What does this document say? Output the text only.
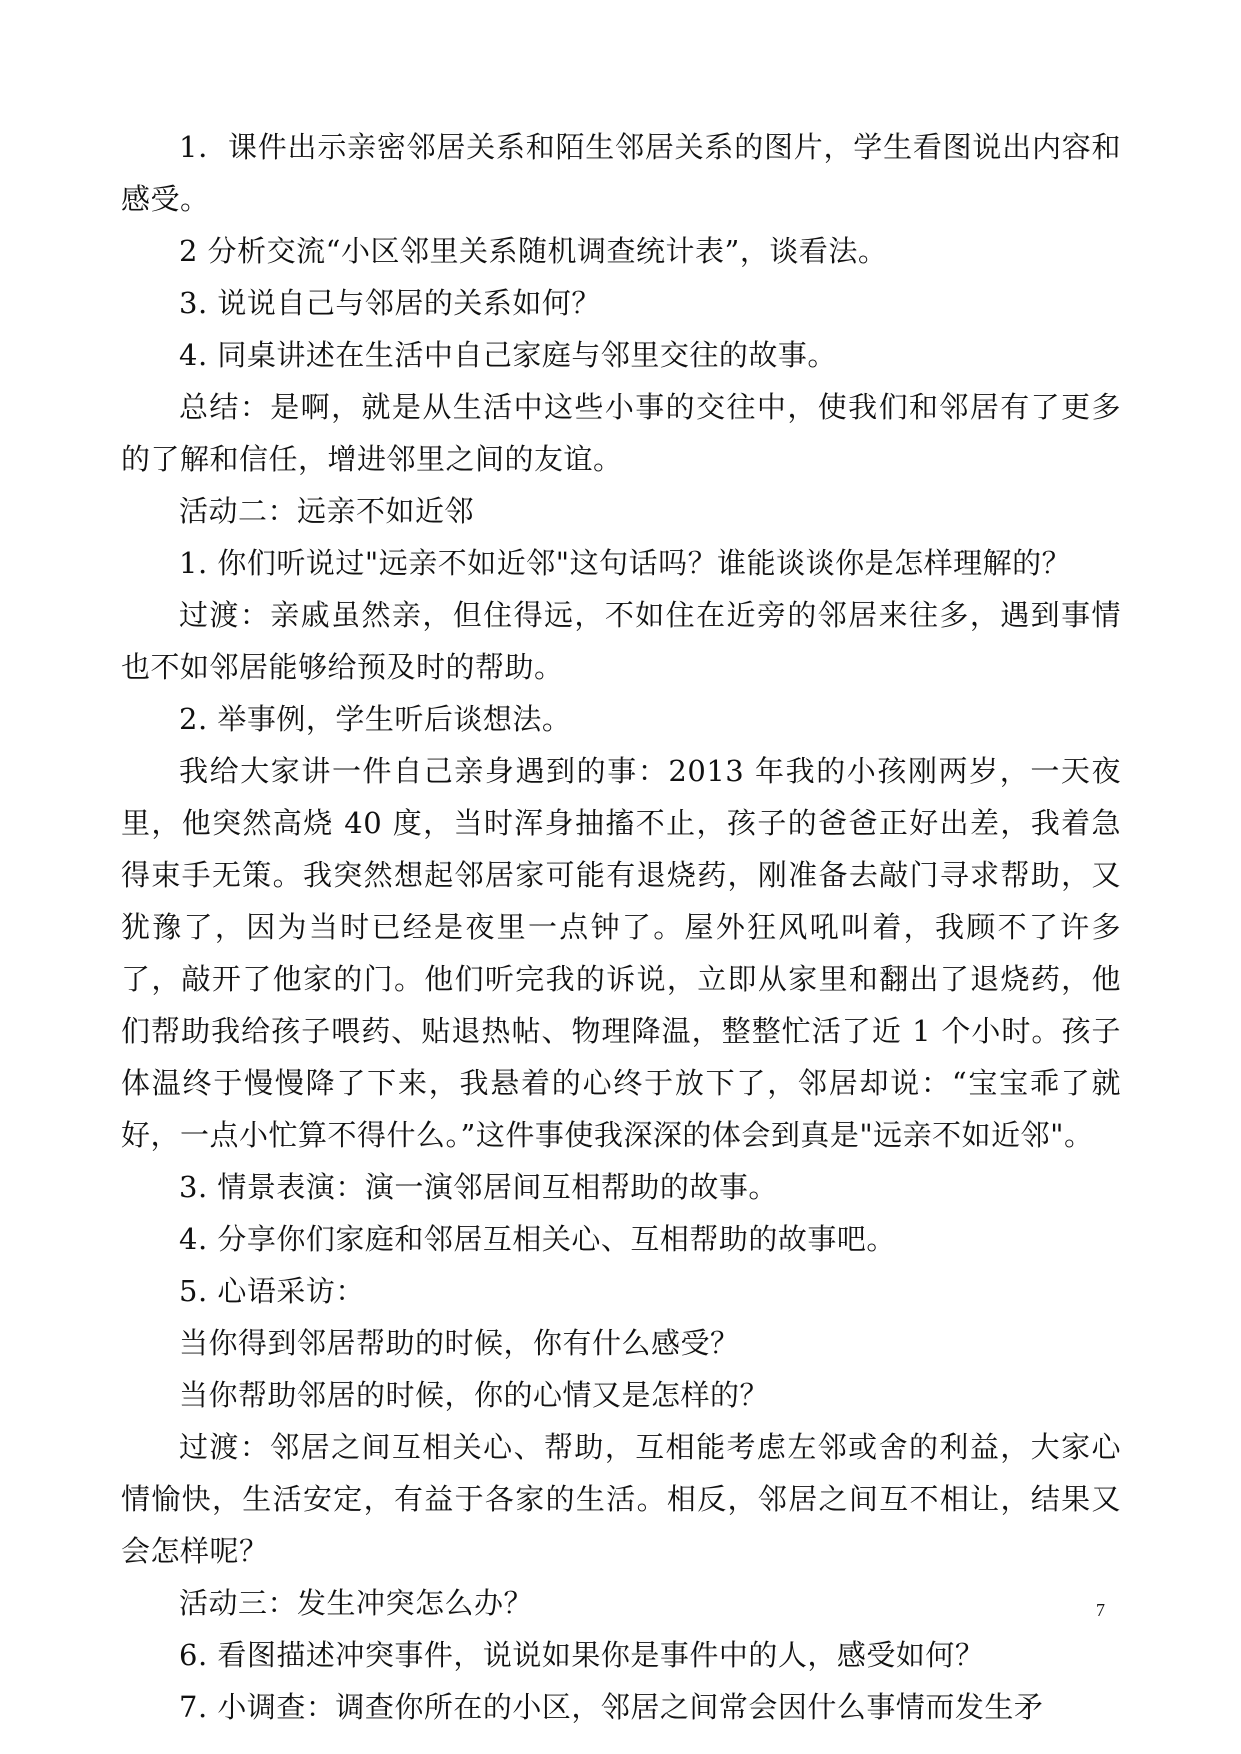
1．课件出示亲密邻居关系和陌生邻居关系的图片，学生看图说出内容和感受。

2 分析交流“小区邻里关系随机调查统计表”，谈看法。

3. 说说自己与邻居的关系如何？

4. 同桌讲述在生活中自己家庭与邻里交往的故事。

总结：是啊，就是从生活中这些小事的交往中，使我们和邻居有了更多的了解和信任，增进邻里之间的友谊。

活动二：远亲不如近邻

1. 你们听说过"远亲不如近邻"这句话吗？谁能谈谈你是怎样理解的？

过渡：亲戚虽然亲，但住得远，不如住在近旁的邻居来往多，遇到事情也不如邻居能够给预及时的帮助。

2. 举事例，学生听后谈想法。

我给大家讲一件自己亲身遇到的事：2013 年我的小孩刚两岁，一天夜里，他突然高烧 40 度，当时浑身抽搐不止，孩子的爸爸正好出差，我着急得束手无策。我突然想起邻居家可能有退烧药，刚准备去敲门寻求帮助，又犹豫了，因为当时已经是夜里一点钟了。屋外狂风吼叫着，我顾不了许多了，敲开了他家的门。他们听完我的诉说，立即从家里和翻出了退烧药，他们帮助我给孩子喂药、贴退热帖、物理降温，整整忙活了近 1 个小时。孩子体温终于慢慢降了下来，我悬着的心终于放下了，邻居却说：“宝宝乖了就好，一点小忙算不得什么。”这件事使我深深的体会到真是"远亲不如近邻"。

3. 情景表演：演一演邻居间互相帮助的故事。

4. 分享你们家庭和邻居互相关心、互相帮助的故事吧。

5. 心语采访：

当你得到邻居帮助的时候，你有什么感受？

当你帮助邻居的时候，你的心情又是怎样的？

过渡：邻居之间互相关心、帮助，互相能考虑左邻或舍的利益，大家心情愉快，生活安定，有益于各家的生活。相反，邻居之间互不相让，结果又会怎样呢？

活动三：发生冲突怎么办？

6. 看图描述冲突事件，说说如果你是事件中的人，感受如何？

7. 小调查：调查你所在的小区，邻居之间常会因什么事情而发生矛

7
